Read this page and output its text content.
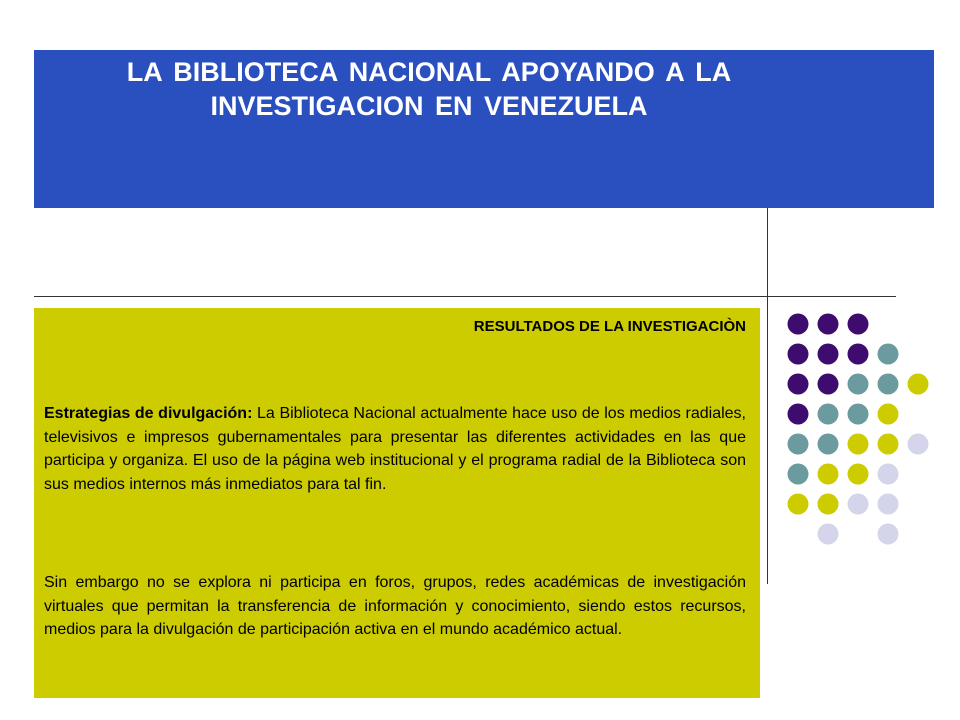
LA BIBLIOTECA NACIONAL APOYANDO A LA
INVESTIGACION EN VENEZUELA
RESULTADOS DE LA INVESTIGACIÒN

Estrategias de divulgación: La Biblioteca Nacional actualmente hace uso de los medios radiales, televisivos e impresos gubernamentales para presentar las diferentes actividades en las que participa y organiza. El uso de la página web institucional y el programa radial de la Biblioteca son sus medios internos más inmediatos para tal fin.

Sin embargo no se explora ni participa en foros, grupos, redes académicas de investigación virtuales que permitan la transferencia de información y conocimiento, siendo estos recursos, medios para la divulgación de participación activa en el mundo académico actual.
